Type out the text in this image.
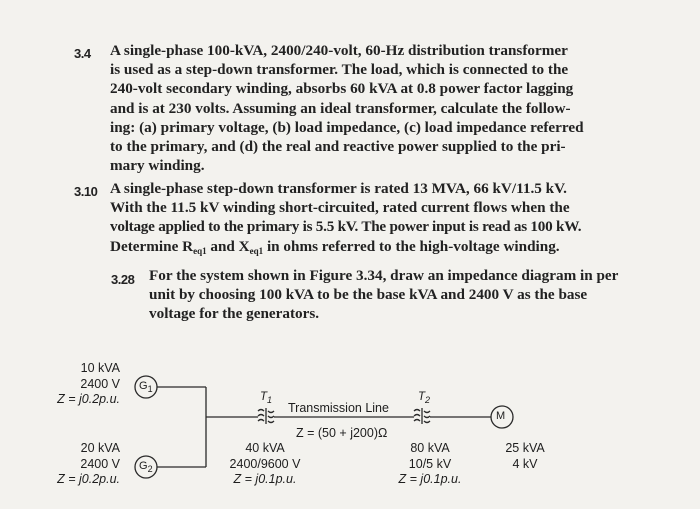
3.4 A single-phase 100-kVA, 2400/240-volt, 60-Hz distribution transformer
is used as a step-down transformer. The load, which is connected to the
240-volt secondary winding, absorbs 60 kVA at 0.8 power factor lagging
and is at 230 volts. Assuming an ideal transformer, calculate the follow-
ing: (a) primary voltage, (b) load impedance, (c) load impedance referred
to the primary, and (d) the real and reactive power supplied to the pri-
mary winding.
3.10 A single-phase step-down transformer is rated 13 MVA, 66 kV/11.5 kV.
With the 11.5 kV winding short-circuited, rated current flows when the
voltage applied to the primary is 5.5 kV. The power input is read as 100 kW.
Determine $R_{eq1}$ and $X_{eq1}$ in ohms referred to the high-voltage winding.
3.28 For the system shown in Figure 3.34, draw an impedance diagram in per
unit by choosing 100 kVA to be the base kVA and 2400 V as the base
voltage for the generators.
$G_1$
$G_2$
M
10 kVA
2400 V
Z = j0.2p.u.
20 kVA
2400 V
Z = j0.2p.u.
$T_1$	$T_2$
Transmission Line
Z = (50 + j200)Ω
40 kVA
2400/9600 V
Z = j0.1p.u.
80 kVA
10/5 kV
Z = j0.1p.u.
25 kVA
4 kV
